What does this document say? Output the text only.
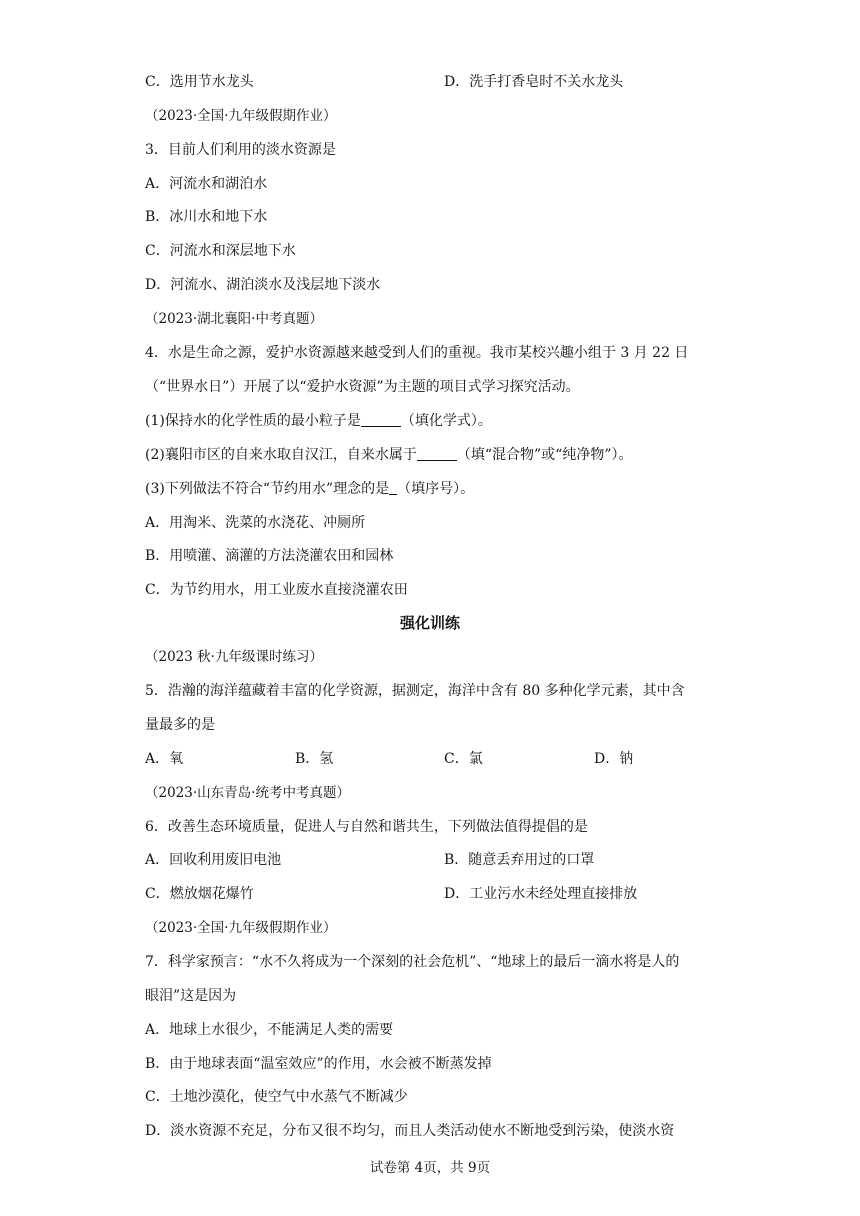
C．选用节水龙头	D．洗手打香皂时不关水龙头
（2023·全国·九年级假期作业）
3．目前人们利用的淡水资源是
A．河流水和湖泊水
B．冰川水和地下水
C．河流水和深层地下水
D．河流水、湖泊淡水及浅层地下淡水
（2023·湖北襄阳·中考真题）
4．水是生命之源，爱护水资源越来越受到人们的重视。我市某校兴趣小组于 3 月 22 日
（“世界水日”）开展了以“爱护水资源”为主题的项目式学习探究活动。
(1)保持水的化学性质的最小粒子是	（填化学式）。
(2)襄阳市区的自来水取自汉江，自来水属于	（填“混合物”或“纯净物”）。
(3)下列做法不符合“节约用水”理念的是 （填序号）。
A．用淘米、洗菜的水浇花、冲厕所
B．用喷灌、滴灌的方法浇灌农田和园林
C．为节约用水，用工业废水直接浇灌农田
强化训练
（2023 秋·九年级课时练习）
5．浩瀚的海洋蕴藏着丰富的化学资源，据测定，海洋中含有 80 多种化学元素，其中含
量最多的是
A．氧	B．氢	C．氯	D．钠
（2023·山东青岛·统考中考真题）
6．改善生态环境质量，促进人与自然和谐共生，下列做法值得提倡的是
A．回收利用废旧电池	B．随意丢弃用过的口罩
C．燃放烟花爆竹	D．工业污水未经处理直接排放
（2023·全国·九年级假期作业）
7．科学家预言：“水不久将成为一个深刻的社会危机”、“地球上的最后一滴水将是人的
眼泪”这是因为
A．地球上水很少，不能满足人类的需要
B．由于地球表面“温室效应”的作用，水会被不断蒸发掉
C．土地沙漠化，使空气中水蒸气不断减少
D．淡水资源不充足，分布又很不均匀，而且人类活动使水不断地受到污染，使淡水资
试卷第 4页，共 9页
